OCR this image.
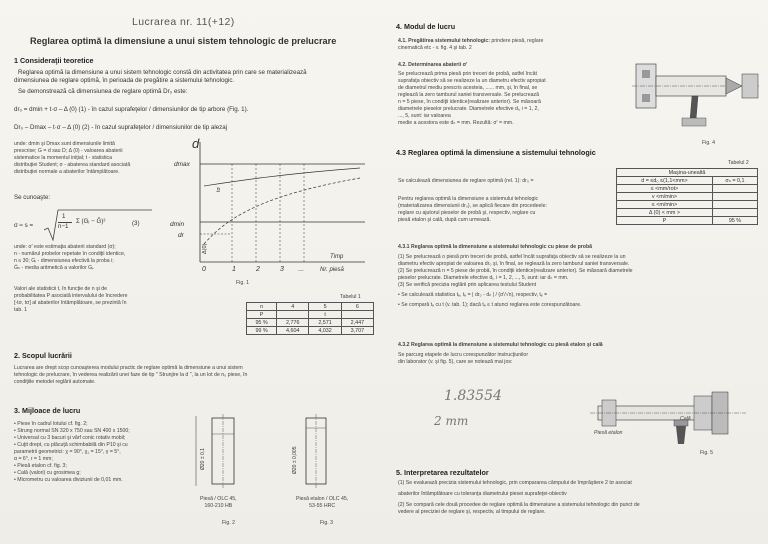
Lucrarea nr. 11(+12)
Reglarea optimă la dimensiune a unui sistem tehnologic de prelucrare
1 Consideraţii teoretice
Reglarea optimă la dimensiune a unui sistem tehnologic constă din activitatea prin care se materializează
dimensiunea de reglare optimă, în perioada de pregătire a sistemului tehnologic.
Se demonstrează că dimensiunea de reglare optimă Dr₀ este:
dr₀ = dmin + t·σ – Δ (0) (1) - în cazul suprafeţelor / dimensiunilor de tip arbore (Fig. 1).
Dr₀ – Dmax – t·σ – Δ (0) (2) - în cazul suprafeţelor / dimensiunilor de tip alezaj
unde: dmin şi Dmax sunt dimensiunile limită
prescrise; G = d sau D; Δ (0) - valoarea abaterii
sistematice la momentul iniţial; t - statistica
distribuţiei Student; σ - abaterea standard asociată
distribuţiei normale a abaterilor întâmplătoare.
Se cunoaşte:
σ ≈ s =
1
n−1
Σ (Gᵢ − Ḡ)²	(3)
unde: σ' este estimaţia abaterii standard (σ);
n - numărul probelor repetate în condiţii identice,
n ≤ 30; Gᵢ - dimensiunea efectivă la proba i;
Ḡₙ - media aritmetică a valorilor Gᵢ.
Valori ale statisticii t, în funcţie de n şi de
probabilitatea P asociată intervalului de încredere
[-tσ, tσ] al abaterilor întâmplătoare, se prezintă în
tab. 1
d
dmax
dmin
dr
tσ
Δ(0)
0	1	2	3 ...	Nr. piesă
Timp
Fig. 1
Tabelul 1
n	4	5	6
P		t	
95 %	2,776	2,571	2,447
99 %	4,604	4,032	3,707
2. Scopul lucrării
Lucrarea are drept scop cunoaşterea modului practic de reglare optimă la dimensiune a unui sistem
tehnologic de prelucrare, în vederea realizării unei faze de tip " Strunjire la d ", la un lot de n₀ piese, în
condiţiile metodei reglării automate.
3. Mijloace de lucru
• Piese în cadrul lotului cf. fig. 2;
• Strung normal SN 320 x 750 sau SN 400 x 1500;
• Universal cu 3 bacuri şi vârf conic rotativ mobil;
• Cuţit drept, cu plăcuţă schimbabilă din P10 şi cu
parametrii geometrici: χ = 90°, χ₁ = 15°, γ = 5°,
α = 6°, r = 1 mm;
• Piesă etalon cf. fig. 3;
• Cală (valori) cu grosimea g;
• Micrometru cu valoarea diviziunii de 0,01 mm.
Ø20 ± 0,1
Piesă / OLC 45,
160-210 HB
Fig. 2
Ø20 ± 0,005
Piesă etalon / OLC 45,
53-55 HRC
Fig. 3
4. Modul de lucru
4.1. Pregătirea sistemului tehnologic: prindere piesă, reglare
cinematică etc - v. fig. 4 şi tab. 2
4.2. Determinarea abaterii σ'
Se prelucrează prima piesă prin treceri de probă, astfel încât
suprafaţa obiectiv să se realizeze la un diametru efectiv apropiat
de diametrul mediu prescris acesteia, ...... mm, şi, în final, se
reglează la zero tamburul saniei transversale. Se prelucrează
n = 5 piese, în condiţii identice(realizare anterior). Se măsoară
diametrele pieselor prelucrate. Diametrele efective dᵢ, i = 1, 2,
..., 5, sunt: iar valoarea
medie a acestora este dₙ = mm. Rezultă: σ' = mm.
Fig. 4
4.3 Reglarea optimă la dimensiune a sistemului tehnologic
Se calculează dimensiunea de reglare optimă (rel. 1): dr₀ =
Pentru reglarea optimă la dimensiune a sistemului tehnologic
(materializarea dimensiunii dr₀), se aplică fiecare din procedeele:
reglare cu ajutorul pieselor de probă şi, respectiv, reglare cu
piesă etalon şi cală, după cum urmează.
Tabelul 2
Maşina-unealtă	
d = ≤d₀ ≤(1,1<mm>	σₙ = 0,1
≤ <mm/rot>	
v <m/min>	
≤ <m/min>	
Δ (0) < mm >	
P	95 %
4.3.1 Reglarea optimă la dimensiune a sistemului tehnologic cu piese de probă
(1) Se prelucrează o piesă prin treceri de probă, astfel încât suprafaţa obiectiv să se realizeze la un
diametru efectiv apropiat de valoarea dr₀ şi, în final, se reglează la zero tamburul saniei transversale.
(2) Se prelucrează n = 5 piese de probă, în condiţii identice(realizare anterior). Se măsoară diametrele
pieselor prelucrate. Diametrele efective dᵢ, i = 1, 2, ..., 5, sunt: iar dₙ = mm.
(3) Se verifică precizia reglării prin aplicarea testului Student
• Se calculează statistica tₑ, tₑ = | dr₀ - dₙ | / (σ'/√n), respectiv, tₑ =
• Se compară tₑ cu t (v. tab. 1); dacă tₑ ≤ t atunci reglarea este corespunzătoare.
4.3.2 Reglarea optimă la dimensiune a sistemului tehnologic cu piesă etalon şi cală
Se parcurg etapele de lucru corespunzător instrucţiunilor
din laborator (v. şi fig. 5), care se notează mai jos:
1.83554
2 mm
Piesă etalon
Cală
Fig. 5
5. Interpretarea rezultatelor
(1) Se evaluează precizia sistemului tehnologic, prin compararea câmpului de împrăştiere 2 tσ asociat
abaterilor întâmplătoare cu toleranţa diametrului piesei suprafeţei-obiectiv
(2) Se compară cele două procedee de reglare optimă la dimensiune a sistemului tehnologic din punct de
vedere al preciziei de reglare şi, respectiv, al timpului de reglare.
